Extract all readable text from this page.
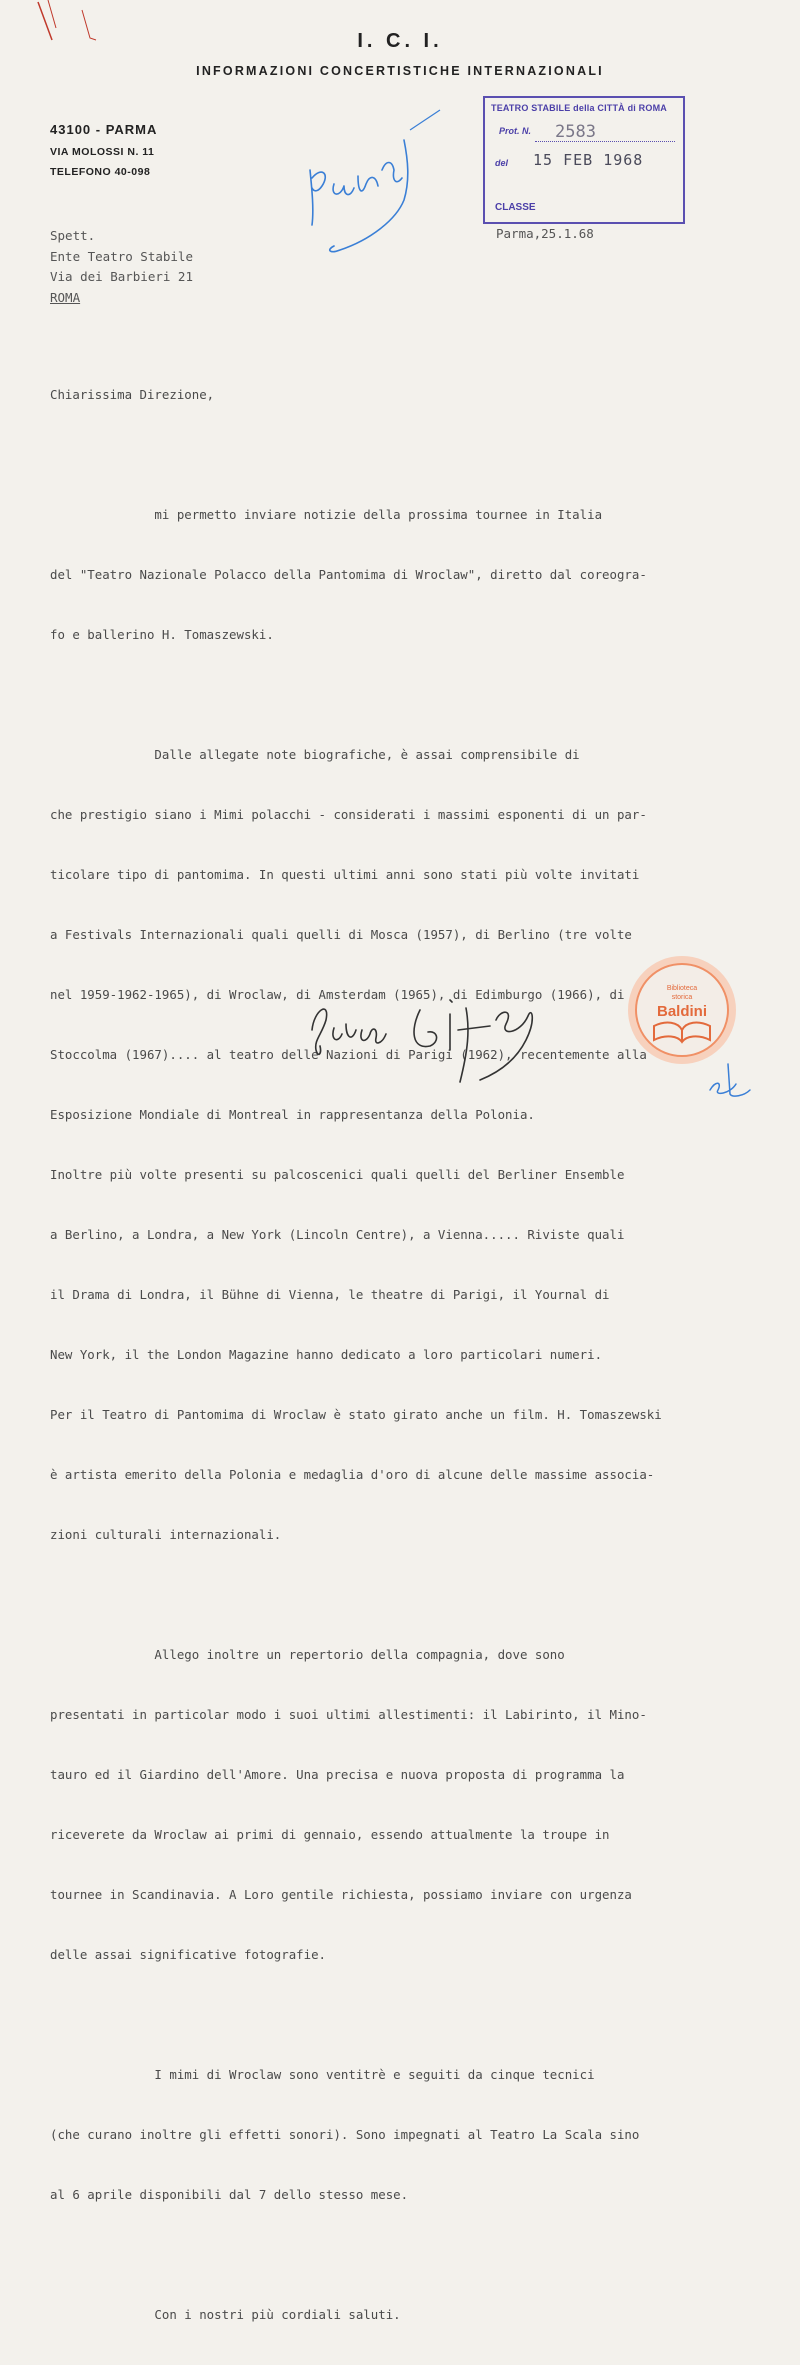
I. C. I.
INFORMAZIONI CONCERTISTICHE INTERNAZIONALI
43100 - PARMA
VIA MOLOSSI N. 11
TELEFONO 40-098
TEATRO STABILE della CITTÀ di ROMA
Prot. N. 2583
del 15 FEB 1968
CLASSE
Parma,25.1.68
Spett.
Ente Teatro Stabile
Via dei Barbieri 21
ROMA

Chiarissima Direzione,

mi permetto inviare notizie della prossima tournee in Italia

del "Teatro Nazionale Polacco della Pantomima di Wroclaw", diretto dal coreogra-

fo e ballerino H. Tomaszewski.

Dalle allegate note biografiche, è assai comprensibile di

che prestigio siano i Mimi polacchi - considerati i massimi esponenti di un par-

ticolare tipo di pantomima. In questi ultimi anni sono stati più volte invitati

a Festivals Internazionali quali quelli di Mosca (1957), di Berlino (tre volte

nel 1959-1962-1965), di Wroclaw, di Amsterdam (1965), di Edimburgo (1966), di

Stoccolma (1967).... al teatro delle Nazioni di Parigi (1962), recentemente alla

Esposizione Mondiale di Montreal in rappresentanza della Polonia.

Inoltre più volte presenti su palcoscenici quali quelli del Berliner Ensemble

a Berlino, a Londra, a New York (Lincoln Centre), a Vienna..... Riviste quali

il Drama di Londra, il Bühne di Vienna, le theatre di Parigi, il Yournal di

New York, il the London Magazine hanno dedicato a loro particolari numeri.

Per il Teatro di Pantomima di Wroclaw è stato girato anche un film. H. Tomaszewski

è artista emerito della Polonia e medaglia d'oro di alcune delle massime associa-

zioni culturali internazionali.

Allego inoltre un repertorio della compagnia, dove sono

presentati in particolar modo i suoi ultimi allestimenti: il Labirinto, il Mino-

tauro ed il Giardino dell'Amore. Una precisa e nuova proposta di programma la

riceverete da Wroclaw ai primi di gennaio, essendo attualmente la troupe in

tournee in Scandinavia. A Loro gentile richiesta, possiamo inviare con urgenza

delle assai significative fotografie.

I mimi di Wroclaw sono ventitrè e seguiti da cinque tecnici

(che curano inoltre gli effetti sonori). Sono impegnati al Teatro La Scala sino

al 6 aprile disponibili dal 7 dello stesso mese.

Con i nostri più cordiali saluti.

Biblioteca
storica
Baldini
